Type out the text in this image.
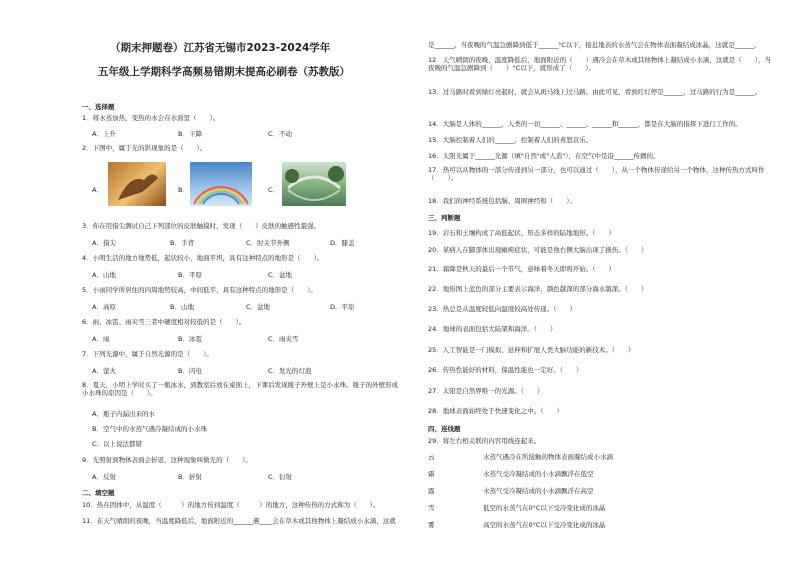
（期末押题卷）江苏省无锡市2023-2024学年
五年级上学期科学高频易错期末提高必刷卷（苏教版）
一、选择题
1．将水蒸加热，变热的水会在水面里（　　）。
A．上升	B．下降	C．不动
2．下图中，属于光的影现象的是（　　）。
A．	B．	C．
3．你在用指尖测试自己下列部位的皮肤触摸时，发现（　　）皮肤的触感性最强。
A．指尖	B．手背	C．肘关节外侧	D．膝盖
4．小明生活的地方地势低，起伏较小，地面平坦，具有这种特点的地形是（　　）。
A．山地	B．平原	C．盆地
5．小雨同学所居住的四周地势较高，中间低平，具有这种特点的地形是（　　）。
A．高原	B．山地	C．盆地	D．平原
6．雨、冰雹、雨夹雪三者中硬度相对较低的是（　　）。
A．雨	B．冰雹	C．雨夹雪
7．下列光源中，属于自然光源的是（　　）。
A．萤火	B．闪电	C．发光的灯泡
8．夏天，小明上学时买了一瓶冰水，到教室后放在桌面上，下课后发现瓶子外壁上是小水珠。瓶子的外壁形成小水珠的原因是（　　）。
A．瓶子内漏出来的水
B．空气中的水蒸气遇冷凝结成的小水珠
C．以上说法都错
9．光照射到物体表面会折返，这种现象叫做光的（　　）。
A．反射	B．折射	C．衍射
二、填空题
10．热在固体中，从温度（　　　）的地方传到温度（　　　）的地方，这种传热的方式称为（　　）。
11．在天气晴朗的夜晚，当温度降低后，地面附近的______遇____会在草木或其他物体上凝结成小水滴，这就
是______。当夜晚的气温急剧降到低于______°C以下，接近地表的水蒸气会在物体表面凝结成冰晶，这就是______。
12．天气晴朗的夜晚，温度降低后，地面附近的（　　）遇冷会在草木或其他物体上凝结成小水滴，这就是（　　），当夜晚的气温急剧降到（　　）°C以下，就形成了（　　）。
13．过马路时看到绿灯亮起时，就会从斑马线上过马路。由此可见，看到红灯停是______，过马路的行为是______。
14．大脑是人体的______，人类的一切______、______、______和______，都是在大脑的指挥下进行工作的。
15．大脑控制着人们的______，控制着人们的喜怒哀乐。
16．太阳光属于______光源（填"自然"或"人造"），在空气中是沿______传播的。
17．热可以从物体的一部分传递到另一部分，也可以通过（　　），从一个物体传递给另一个物体，这种传热方式叫作（　　）。
18．我们的神经系统包括脑、周围神经和（　　）。
三、判断题
19．岩石和土壤构成了高低起伏、形态多样的陆地地形。（　　）
20．某病人在脚部体出现瘫痪症状，可能是他右侧大脑出现了损伤。（　　）
21．霜降是秋天的最后一个节气，意味着冬天即将开始。（　　）
22．地形图上蓝色的部分主要表示海洋，颜色越深的部分海水越深。（　　）
23．热总是从温度较低向温度较高处传递。（　　）
24．地球的表面包括大陆架和海洋。（　　）
25．人工智能是一门模拟、延伸和扩展人类大脑功能的新技术。（　　）
26．传热性能好的材料，保温性能也一定好。（　　）
27．太阳是自然界唯一的光源。（　　）
28．地球表面始终处于快速变化之中。（　　）
四、连线题
29．将左右相关联的内容用线连起来。
云	水蒸气遇冷在所接触的物体表面凝结成小水滴
霜	水蒸气受冷凝结成的小水滴飘浮在低空
露	水蒸气受冷凝结成的小水滴飘浮在高空
雪	低空的水蒸气在0°C以下受冷变化成的冰晶
雾	高空的水蒸气在0°C以下受冷变化成的冰晶
